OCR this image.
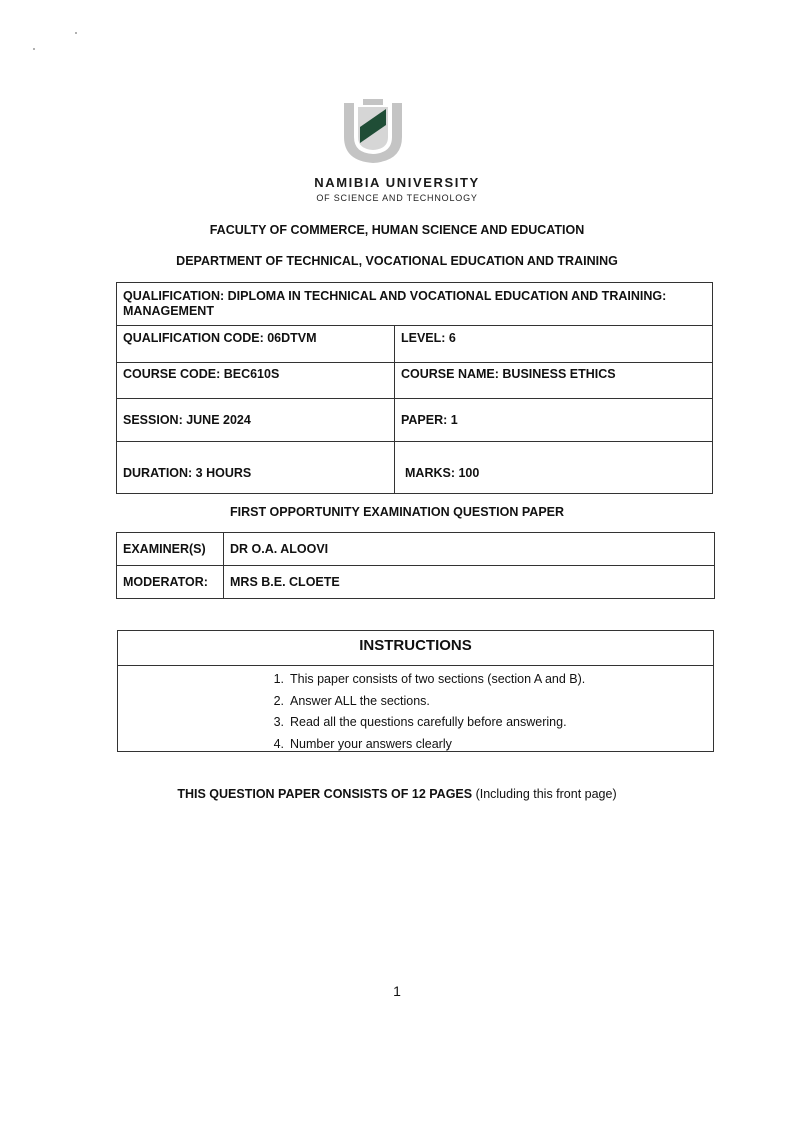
NAMIBIA UNIVERSITY
OF SCIENCE AND TECHNOLOGY
FACULTY OF COMMERCE, HUMAN SCIENCE AND EDUCATION
DEPARTMENT OF TECHNICAL, VOCATIONAL EDUCATION AND TRAINING
QUALIFICATION: DIPLOMA IN TECHNICAL AND VOCATIONAL EDUCATION AND TRAINING: MANAGEMENT	
QUALIFICATION CODE: 06DTVM	LEVEL: 6
COURSE CODE: BEC610S	COURSE NAME: BUSINESS ETHICS
SESSION: JUNE 2024	PAPER: 1
DURATION: 3 HOURS	MARKS: 100
FIRST OPPORTUNITY EXAMINATION QUESTION PAPER
EXAMINER(S)	DR O.A. ALOOVI
MODERATOR:	MRS B.E. CLOETE
INSTRUCTIONS
1. This paper consists of two sections (section A and B).
2. Answer ALL the sections.
3. Read all the questions carefully before answering.
4. Number your answers clearly
THIS QUESTION PAPER CONSISTS OF 12 PAGES (Including this front page)
1
